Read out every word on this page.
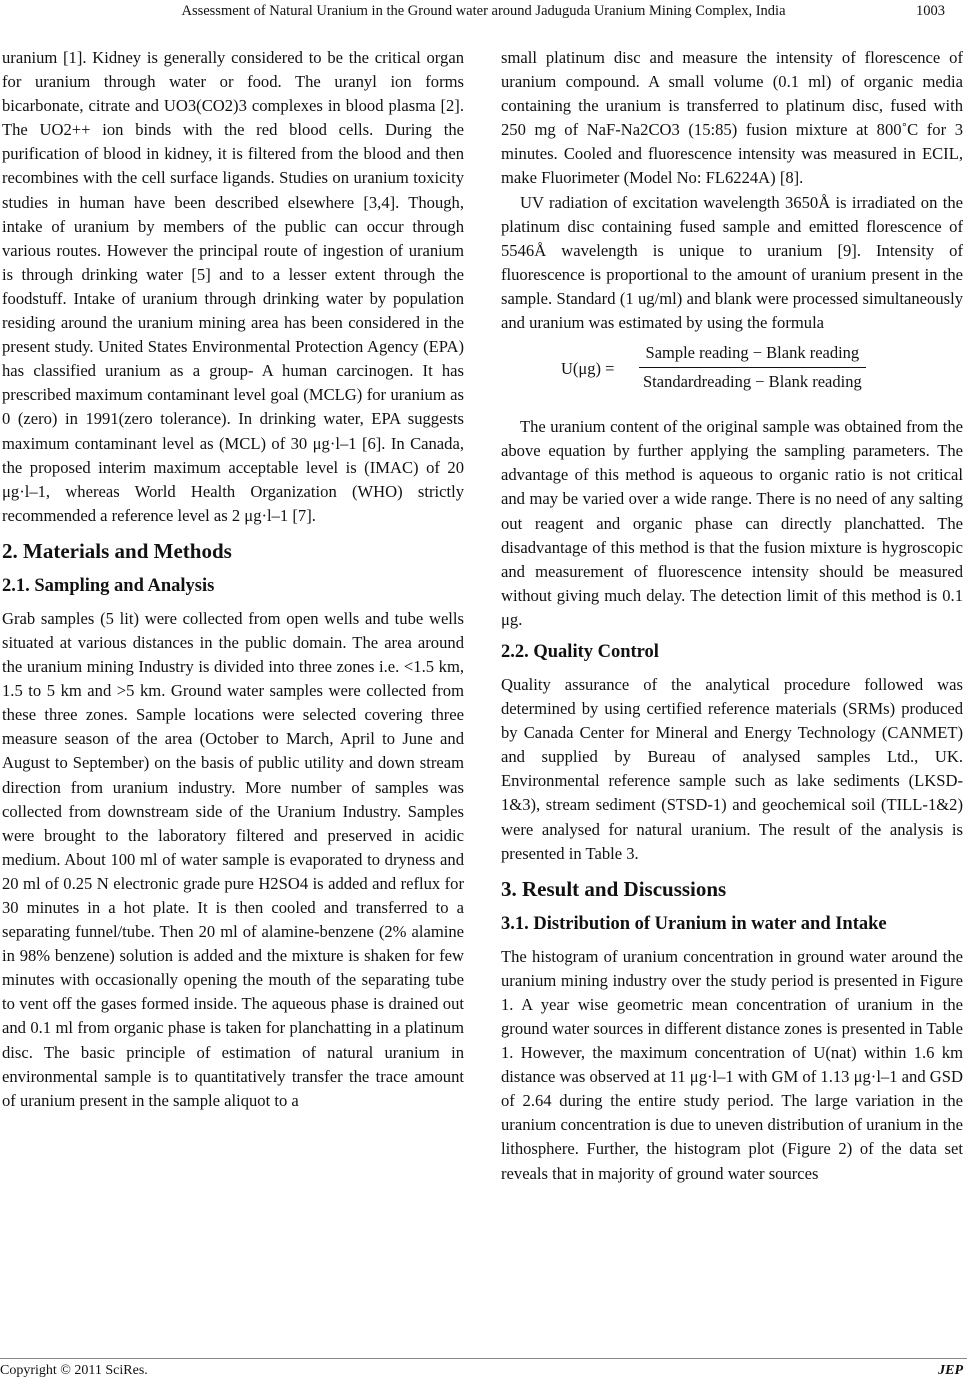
Assessment of Natural Uranium in the Ground water around Jaduguda Uranium Mining Complex, India	1003

uranium [1]. Kidney is generally considered to be the critical organ for uranium through water or food. The uranyl ion forms bicarbonate, citrate and UO3(CO2)3 complexes in blood plasma [2]. The UO2++ ion binds with the red blood cells. During the purification of blood in kidney, it is filtered from the blood and then recombines with the cell surface ligands. Studies on uranium toxicity studies in human have been described elsewhere [3,4]. Though, intake of uranium by members of the public can occur through various routes. However the principal route of ingestion of uranium is through drinking water [5] and to a lesser extent through the foodstuff. Intake of uranium through drinking water by population residing around the uranium mining area has been considered in the present study. United States Environmental Protection Agency (EPA) has classified uranium as a group- A human carcinogen. It has prescribed maximum contaminant level goal (MCLG) for uranium as 0 (zero) in 1991(zero tolerance). In drinking water, EPA suggests maximum contaminant level as (MCL) of 30 μg·l–1 [6]. In Canada, the proposed interim maximum acceptable level is (IMAC) of 20 μg·l–1, whereas World Health Organization (WHO) strictly recommended a reference level as 2 μg·l–1 [7].

2. Materials and Methods
2.1. Sampling and Analysis

Grab samples (5 lit) were collected from open wells and tube wells situated at various distances in the public domain. The area around the uranium mining Industry is divided into three zones i.e. <1.5 km, 1.5 to 5 km and >5 km. Ground water samples were collected from these three zones. Sample locations were selected covering three measure season of the area (October to March, April to June and August to September) on the basis of public utility and down stream direction from uranium industry. More number of samples was collected from downstream side of the Uranium Industry. Samples were brought to the laboratory filtered and preserved in acidic medium. About 100 ml of water sample is evaporated to dryness and 20 ml of 0.25 N electronic grade pure H2SO4 is added and reflux for 30 minutes in a hot plate. It is then cooled and transferred to a separating funnel/tube. Then 20 ml of alamine-benzene (2% alamine in 98% benzene) solution is added and the mixture is shaken for few minutes with occasionally opening the mouth of the separating tube to vent off the gases formed inside. The aqueous phase is drained out and 0.1 ml from organic phase is taken for planchatting in a platinum disc. The basic principle of estimation of natural uranium in environmental sample is to quantitatively transfer the trace amount of uranium present in the sample aliquot to a

small platinum disc and measure the intensity of florescence of uranium compound. A small volume (0.1 ml) of organic media containing the uranium is transferred to platinum disc, fused with 250 mg of NaF-Na2CO3 (15:85) fusion mixture at 800˚C for 3 minutes. Cooled and fluorescence intensity was measured in ECIL, make Fluorimeter (Model No: FL6224A) [8].

UV radiation of excitation wavelength 3650Å is irradiated on the platinum disc containing fused sample and emitted florescence of 5546Å wavelength is unique to uranium [9]. Intensity of fluorescence is proportional to the amount of uranium present in the sample. Standard (1 ug/ml) and blank were processed simultaneously and uranium was estimated by using the formula

U(μg) =
Sample reading − Blank reading
Standardreading − Blank reading

The uranium content of the original sample was obtained from the above equation by further applying the sampling parameters. The advantage of this method is aqueous to organic ratio is not critical and may be varied over a wide range. There is no need of any salting out reagent and organic phase can directly planchatted. The disadvantage of this method is that the fusion mixture is hygroscopic and measurement of fluorescence intensity should be measured without giving much delay. The detection limit of this method is 0.1 μg.

2.2. Quality Control

Quality assurance of the analytical procedure followed was determined by using certified reference materials (SRMs) produced by Canada Center for Mineral and Energy Technology (CANMET) and supplied by Bureau of analysed samples Ltd., UK. Environmental reference sample such as lake sediments (LKSD-1&3), stream sediment (STSD-1) and geochemical soil (TILL-1&2) were analysed for natural uranium. The result of the analysis is presented in Table 3.

3. Result and Discussions
3.1. Distribution of Uranium in water and Intake

The histogram of uranium concentration in ground water around the uranium mining industry over the study period is presented in Figure 1. A year wise geometric mean concentration of uranium in the ground water sources in different distance zones is presented in Table 1. However, the maximum concentration of U(nat) within 1.6 km distance was observed at 11 μg·l–1 with GM of 1.13 μg·l–1 and GSD of 2.64 during the entire study period. The large variation in the uranium concentration is due to uneven distribution of uranium in the lithosphere. Further, the histogram plot (Figure 2) of the data set reveals that in majority of ground water sources

Copyright © 2011 SciRes.	JEP
